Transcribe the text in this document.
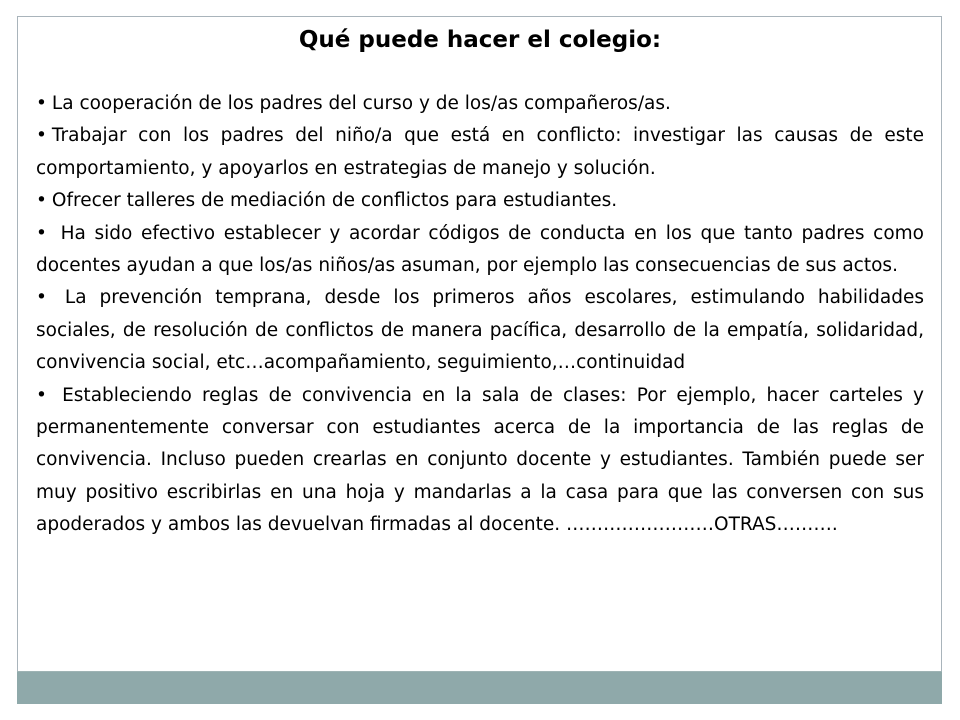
Qué puede hacer el colegio:

• La cooperación de los padres del curso y de los/as compañeros/as.

• Trabajar con los padres del niño/a que está en conflicto: investigar las causas de este comportamiento, y apoyarlos en estrategias de manejo y solución.

• Ofrecer talleres de mediación de conflictos para estudiantes.

• Ha sido efectivo establecer y acordar códigos de conducta en los que tanto padres como docentes ayudan a que los/as niños/as asuman, por ejemplo las consecuencias de sus actos.

• La prevención temprana, desde los primeros años escolares, estimulando habilidades sociales, de resolución de conflictos de manera pacífica, desarrollo de la empatía, solidaridad, convivencia social, etc…acompañamiento, seguimiento,…continuidad

• Estableciendo reglas de convivencia en la sala de clases: Por ejemplo, hacer carteles y permanentemente conversar con estudiantes acerca de la importancia de las reglas de convivencia. Incluso pueden crearlas en conjunto docente y estudiantes. También puede ser muy positivo escribirlas en una hoja y mandarlas a la casa para que las conversen con sus apoderados y ambos las devuelvan firmadas al docente. ……………………OTRAS……….
